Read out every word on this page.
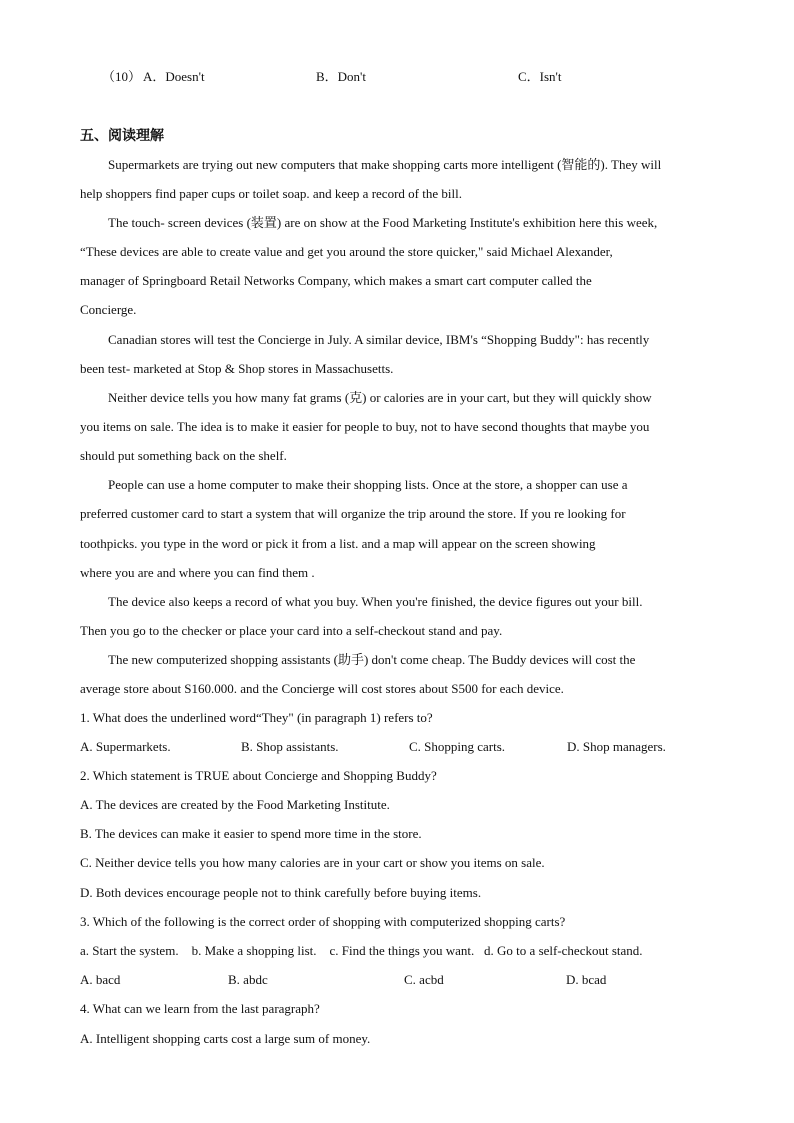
（10） A．Doesn't	B．Don't	C．Isn't
五、阅读理解
Supermarkets are trying out new computers that make shopping carts more intelligent (智能的). They will
help shoppers find paper cups or toilet soap. and keep a record of the bill.
The touch- screen devices (装置) are on show at the Food Marketing Institute's exhibition here this week,
“These devices are able to create value and get you around the store quicker," said Michael Alexander,
manager of Springboard Retail Networks Company, which makes a smart cart computer called the
Concierge.
Canadian stores will test the Concierge in July. A similar device, IBM's “Shopping Buddy": has recently
been test- marketed at Stop & Shop stores in Massachusetts.
Neither device tells you how many fat grams (克) or calories are in your cart, but they will quickly show
you items on sale. The idea is to make it easier for people to buy, not to have second thoughts that maybe you
should put something back on the shelf.
People can use a home computer to make their shopping lists. Once at the store, a shopper can use a
preferred customer card to start a system that will organize the trip around the store. If you re looking for
toothpicks. you type in the word or pick it from a list. and a map will appear on the screen showing
where you are and where you can find them .
The device also keeps a record of what you buy. When you're finished, the device figures out your bill.
Then you go to the checker or place your card into a self-checkout stand and pay.
The new computerized shopping assistants (助手) don't come cheap. The Buddy devices will cost the
average store about S160.000. and the Concierge will cost stores about S500 for each device.
1. What does the underlined word“They" (in paragraph 1) refers to?
A. Supermarkets.	B. Shop assistants.	C. Shopping carts.	D. Shop managers.
2. Which statement is TRUE about Concierge and Shopping Buddy?
A. The devices are created by the Food Marketing Institute.
B. The devices can make it easier to spend more time in the store.
C. Neither device tells you how many calories are in your cart or show you items on sale.
D. Both devices encourage people not to think carefully before buying items.
3. Which of the following is the correct order of shopping with computerized shopping carts?
a. Start the system.    b. Make a shopping list.    c. Find the things you want.   d. Go to a self-checkout stand.
A. bacd	B. abdc	C. acbd	D. bcad
4. What can we learn from the last paragraph?
A. Intelligent shopping carts cost a large sum of money.
